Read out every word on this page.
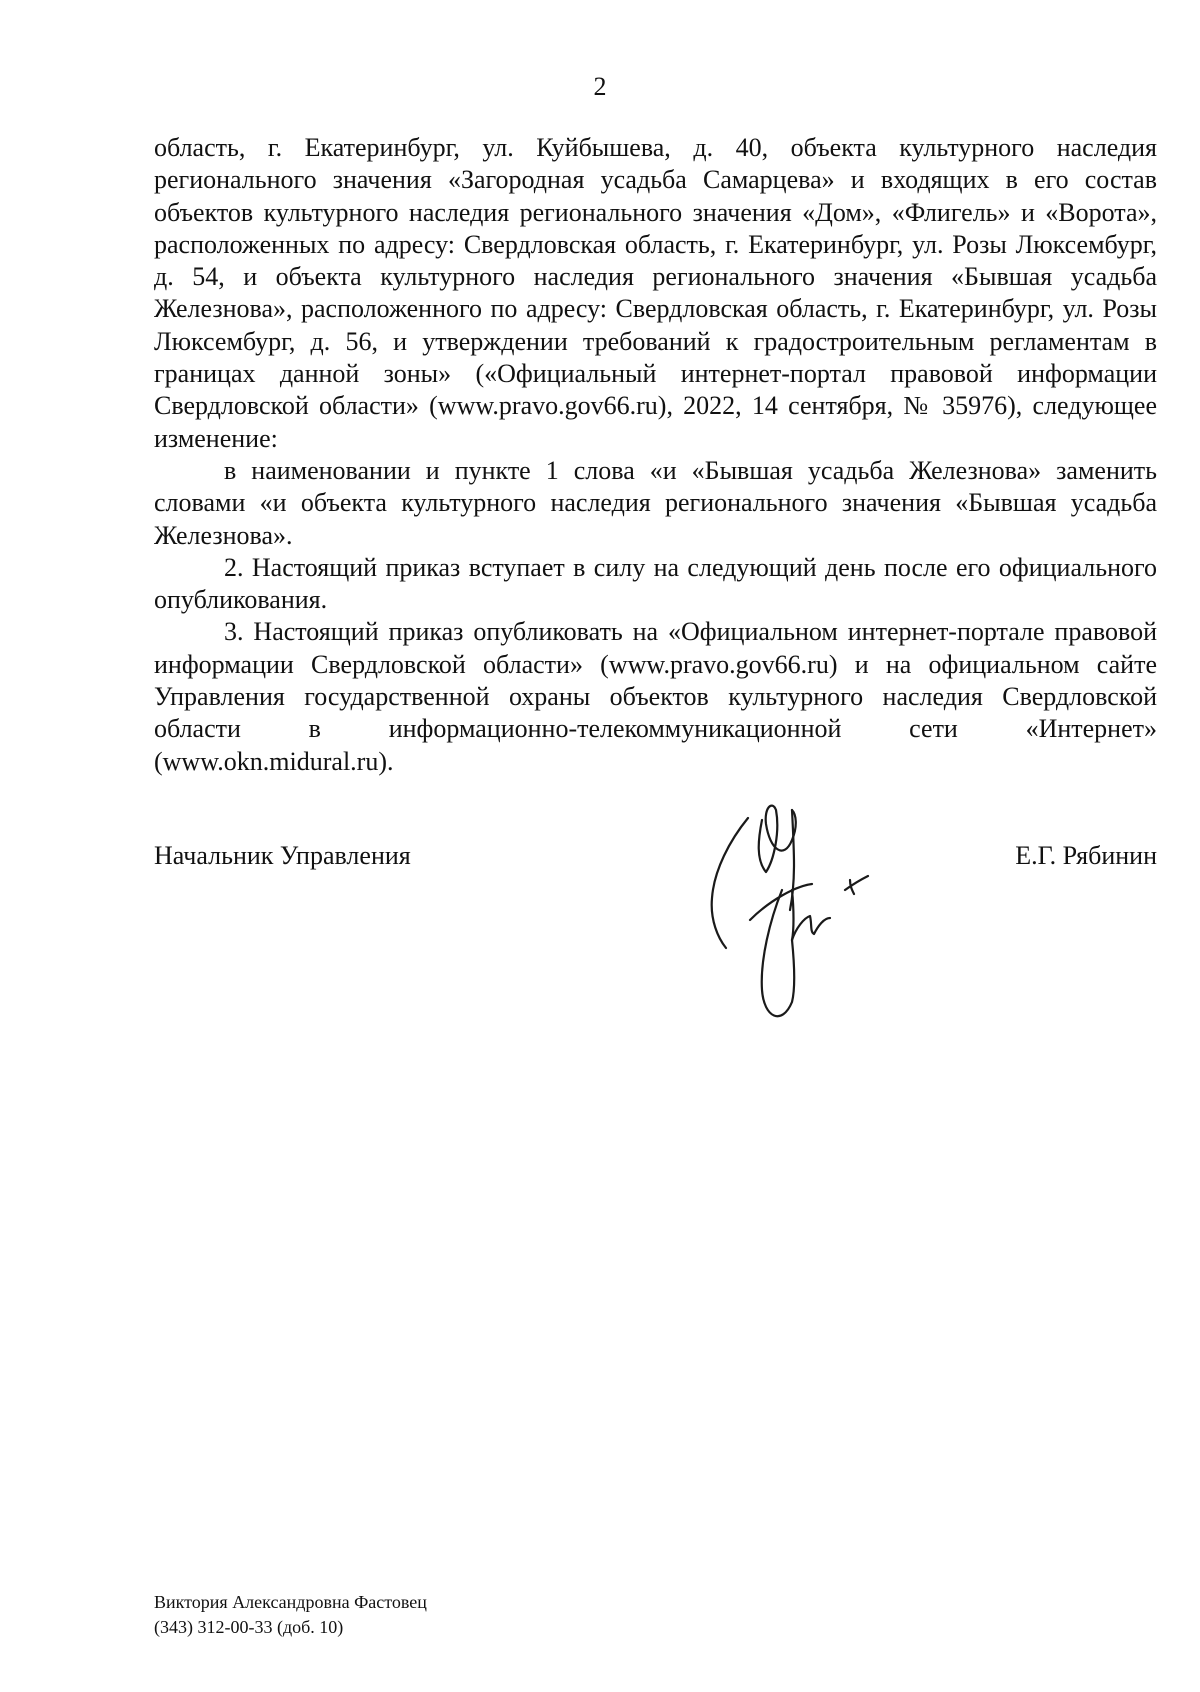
2

область, г. Екатеринбург, ул. Куйбышева, д. 40, объекта культурного наследия регионального значения «Загородная усадьба Самарцева» и входящих в его состав объектов культурного наследия регионального значения «Дом», «Флигель» и «Ворота», расположенных по адресу: Свердловская область, г. Екатеринбург, ул. Розы Люксембург, д. 54, и объекта культурного наследия регионального значения «Бывшая усадьба Железнова», расположенного по адресу: Свердловская область, г. Екатеринбург, ул. Розы Люксембург, д. 56, и утверждении требований к градостроительным регламентам в границах данной зоны» («Официальный интернет-портал правовой информации Свердловской области» (www.pravo.gov66.ru), 2022, 14 сентября, № 35976), следующее изменение:

в наименовании и пункте 1 слова «и «Бывшая усадьба Железнова» заменить словами «и объекта культурного наследия регионального значения «Бывшая усадьба Железнова».

2. Настоящий приказ вступает в силу на следующий день после его официального опубликования.

3. Настоящий приказ опубликовать на «Официальном интернет-портале правовой информации Свердловской области» (www.pravo.gov66.ru) и на официальном сайте Управления государственной охраны объектов культурного наследия Свердловской области в информационно-телекоммуникационной сети «Интернет» (www.okn.midural.ru).

Начальник Управления	Е.Г. Рябинин
Виктория Александровна Фастовец
(343) 312-00-33 (доб. 10)
